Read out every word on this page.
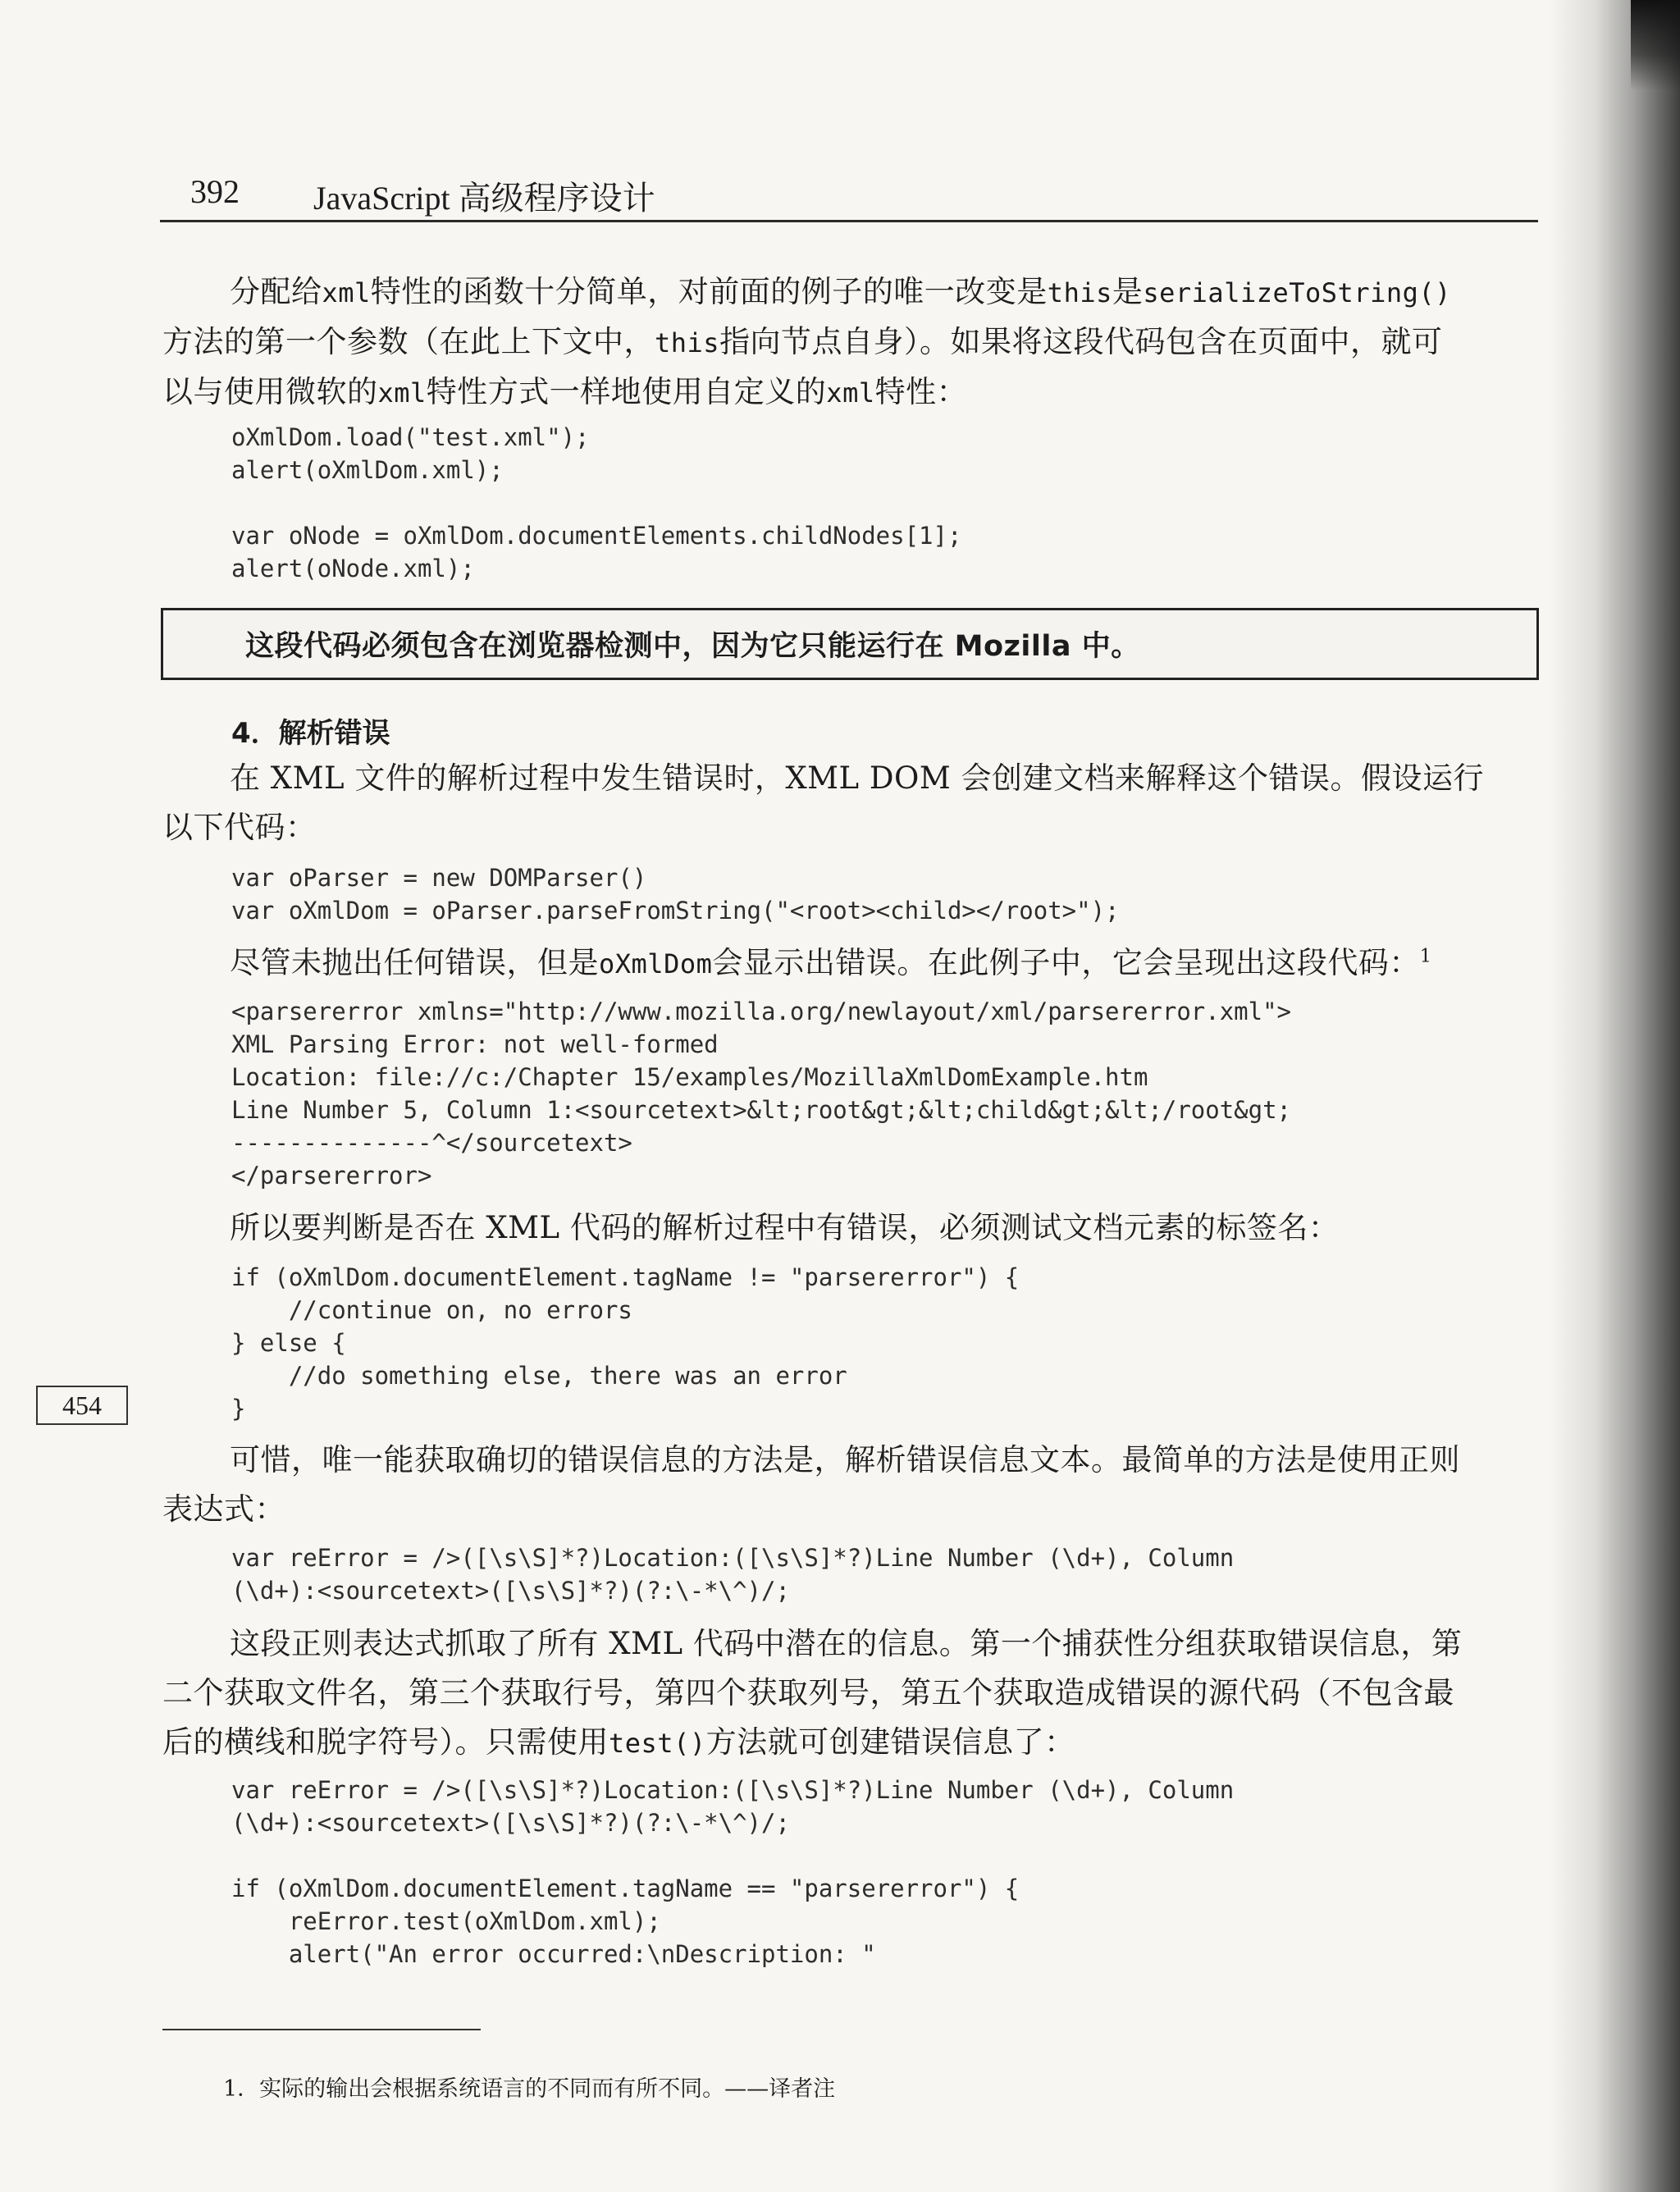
392 JavaScript 高级程序设计
分配给xml特性的函数十分简单，对前面的例子的唯一改变是this是serializeToString()
方法的第一个参数（在此上下文中，this指向节点自身）。如果将这段代码包含在页面中，就可
以与使用微软的xml特性方式一样地使用自定义的xml特性：
oXmlDom.load("test.xml");
alert(oXmlDom.xml);

var oNode = oXmlDom.documentElements.childNodes[1];
alert(oNode.xml);
这段代码必须包含在浏览器检测中，因为它只能运行在 Mozilla 中。
4．解析错误
在 XML 文件的解析过程中发生错误时，XML DOM 会创建文档来解释这个错误。假设运行
以下代码：
var oParser = new DOMParser()
var oXmlDom = oParser.parseFromString("<root><child></root>");
尽管未抛出任何错误，但是oXmlDom会显示出错误。在此例子中，它会呈现出这段代码：$^1$
<parsererror xmlns="http://www.mozilla.org/newlayout/xml/parsererror.xml">
XML Parsing Error: not well-formed
Location: file://c:/Chapter 15/examples/MozillaXmlDomExample.htm
Line Number 5, Column 1:<sourcetext>&lt;root&gt;&lt;child&gt;&lt;/root&gt;
--------------^</sourcetext>
</parsererror>
所以要判断是否在 XML 代码的解析过程中有错误，必须测试文档元素的标签名：
if (oXmlDom.documentElement.tagName != "parsererror") {
//continue on, no errors
} else {
//do something else, there was an error
}
454
可惜，唯一能获取确切的错误信息的方法是，解析错误信息文本。最简单的方法是使用正则
表达式：
var reError = />([\s\S]*?)Location:([\s\S]*?)Line Number (\d+), Column
(\d+):<sourcetext>([\s\S]*?)(?:\-*\^)/;
这段正则表达式抓取了所有 XML 代码中潜在的信息。第一个捕获性分组获取错误信息，第
二个获取文件名，第三个获取行号，第四个获取列号，第五个获取造成错误的源代码（不包含最
后的横线和脱字符号）。只需使用test()方法就可创建错误信息了：
var reError = />([\s\S]*?)Location:([\s\S]*?)Line Number (\d+), Column
(\d+):<sourcetext>([\s\S]*?)(?:\-*\^)/;

if (oXmlDom.documentElement.tagName == "parsererror") {
reError.test(oXmlDom.xml);
alert("An error occurred:\nDescription: "
1．实际的输出会根据系统语言的不同而有所不同。——译者注
